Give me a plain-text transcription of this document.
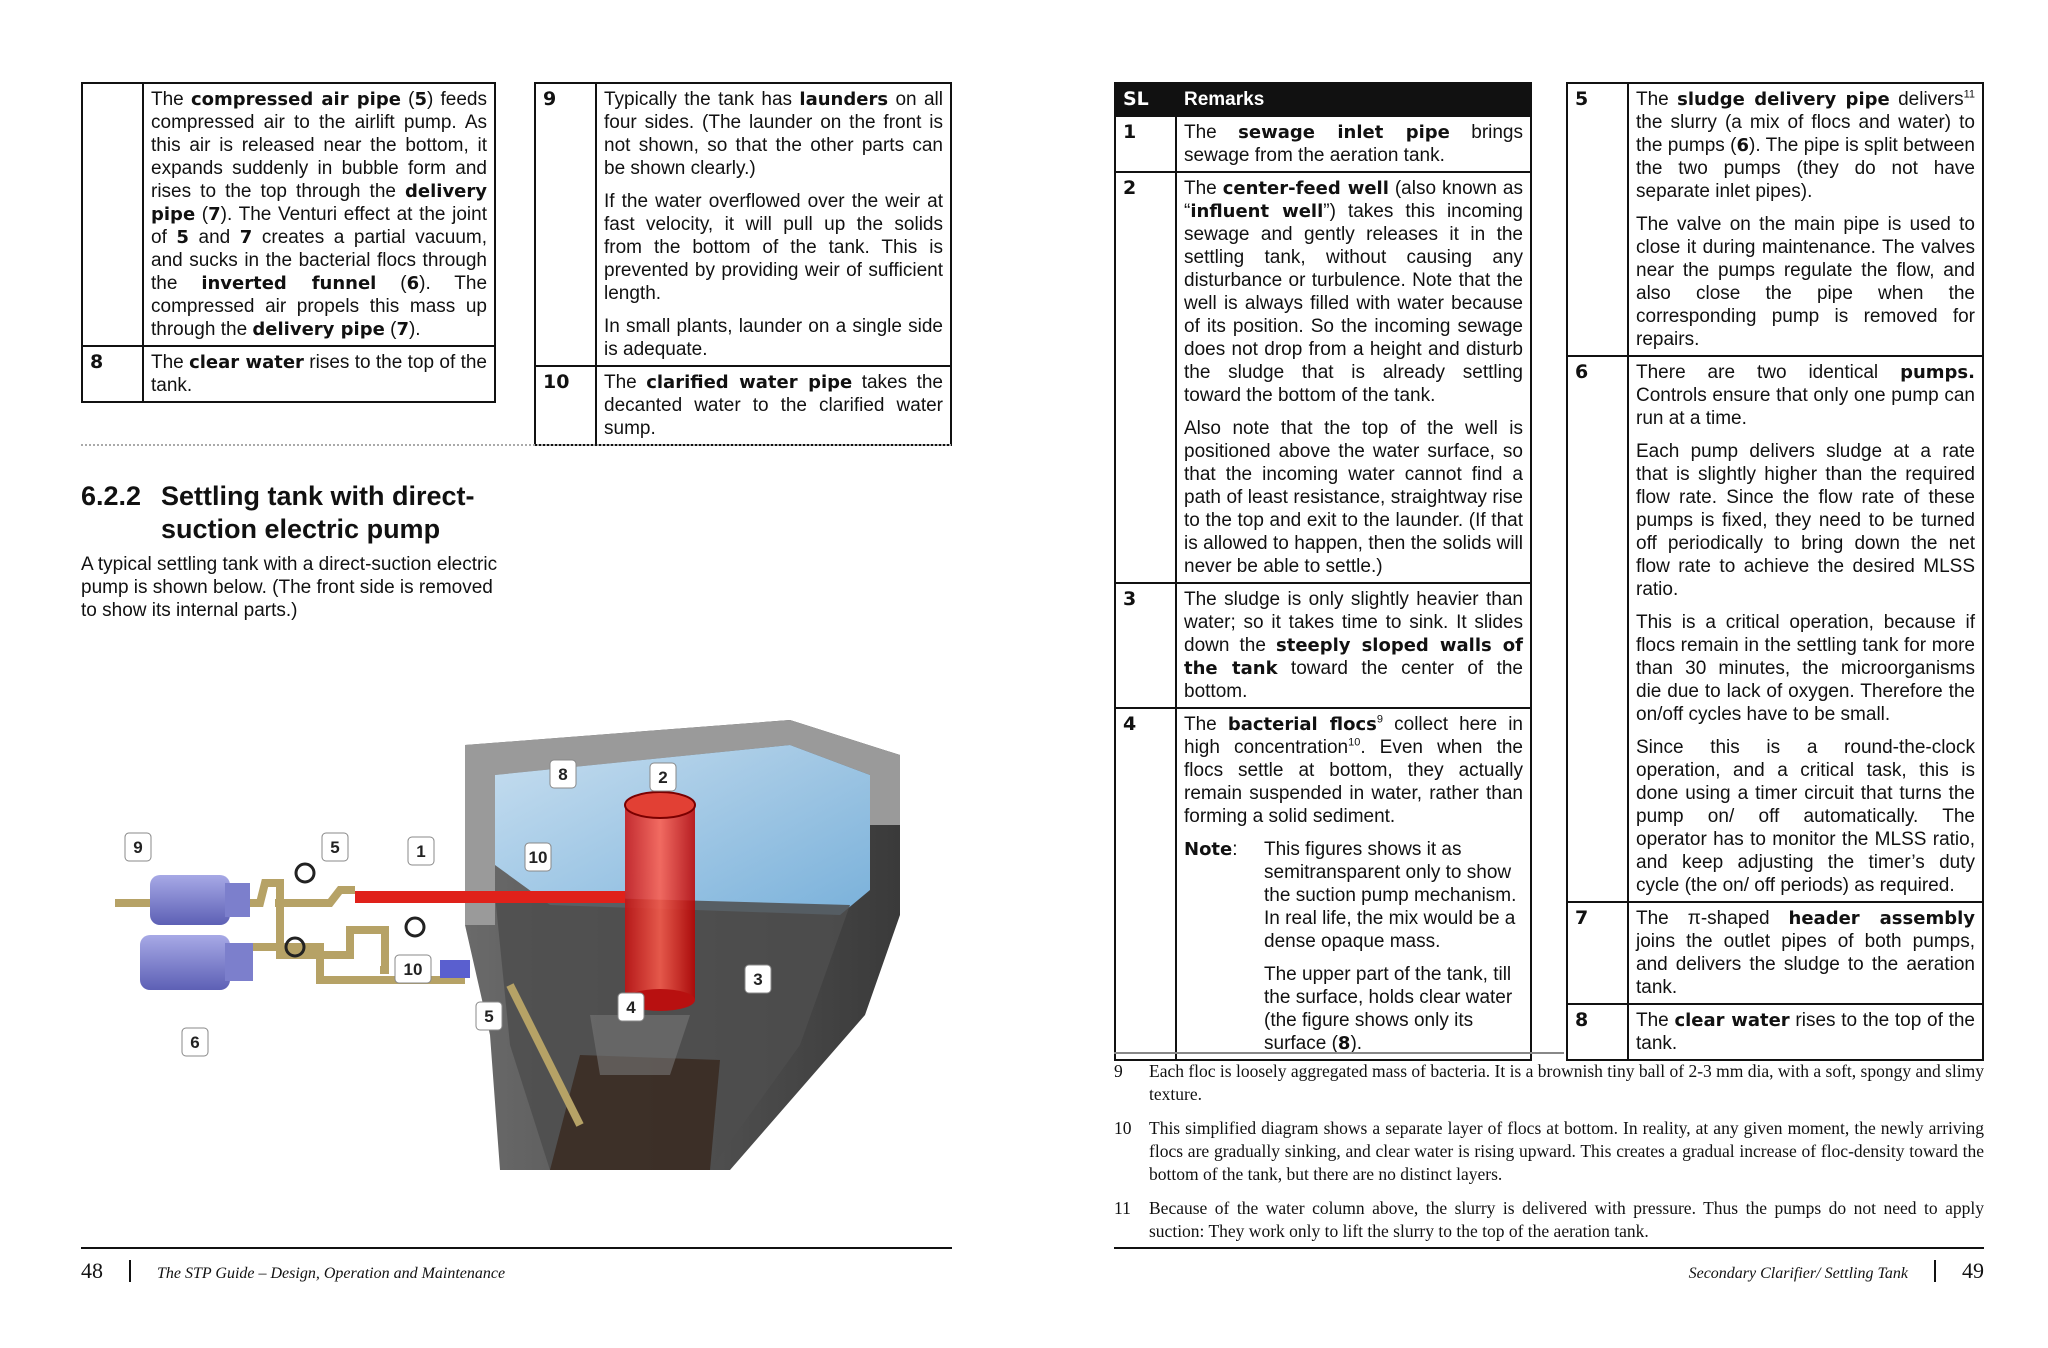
	The compressed air pipe (5) feeds compressed air to the airlift pump. As this air is released near the bottom, it expands suddenly in bubble form and rises to the top through the delivery pipe (7). The Venturi effect at the joint of 5 and 7 creates a partial vacuum, and sucks in the bacterial flocs through the inverted funnel (6). The compressed air propels this mass up through the delivery pipe (7).
8	The clear water rises to the top of the tank.
9	Typically the tank has launders on all four sides. (The launder on the front is not shown, so that the other parts can be shown clearly.)

If the water overflowed over the weir at fast velocity, it will pull up the solids from the bottom of the tank. This is prevented by providing weir of sufficient length.

In small plants, launder on a single side is adequate.

10	The clarified water pipe takes the decanted water to the clarified water sump.
6.2.2 Settling tank with direct-
suction electric pump
A typical settling tank with a direct-suction electric pump is shown below. (The front side is removed to show its internal parts.)
9	5	1
8	2
10
10
3
4
5
6
48	The STP Guide – Design, Operation and Maintenance
SL	Remarks
1	The sewage inlet pipe brings sewage from the aeration tank.
2	The center-feed well (also known as “influent well”) takes this incoming sewage and gently releases it in the settling tank, without causing any disturbance or turbulence. Note that the well is always filled with water because of its position. So the incoming sewage does not drop from a height and disturb the sludge that is already settling toward the bottom of the tank.

Also note that the top of the well is positioned above the water surface, so that the incoming water cannot find a path of least resistance, straightway rise to the top and exit to the launder. (If that is allowed to happen, then the solids will never be able to settle.)

3	The sludge is only slightly heavier than water; so it takes time to sink. It slides down the steeply sloped walls of the tank toward the center of the bottom.
4	The bacterial flocs$^9$ collect here in high concentration$^{10}$. Even when the flocs settle at bottom, they actually remain suspended in water, rather than forming a solid sediment.

Note: This figures shows it as semitransparent only to show the suction pump mechanism. In real life, the mix would be a dense opaque mass.

The upper part of the tank, till the surface, holds clear water (the figure shows only its surface (8).

5	The sludge delivery pipe delivers$^{11}$ the slurry (a mix of flocs and water) to the pumps (6). The pipe is split between the two pumps (they do not have separate inlet pipes).

The valve on the main pipe is used to close it during maintenance. The valves near the pumps regulate the flow, and also close the pipe when the corresponding pump is removed for repairs.

6	There are two identical pumps. Controls ensure that only one pump can run at a time.

Each pump delivers sludge at a rate that is slightly higher than the required flow rate. Since the flow rate of these pumps is fixed, they need to be turned off periodically to bring down the net flow rate to achieve the desired MLSS ratio.

This is a critical operation, because if flocs remain in the settling tank for more than 30 minutes, the microorganisms die due to lack of oxygen. Therefore the on/off cycles have to be small.

Since this is a round-the-clock operation, and a critical task, this is done using a timer circuit that turns the pump on/ off automatically. The operator has to monitor the MLSS ratio, and keep adjusting the timer’s duty cycle (the on/ off periods) as required.

7	The π-shaped header assembly joins the outlet pipes of both pumps, and delivers the sludge to the aeration tank.
8	The clear water rises to the top of the tank.
9 Each floc is loosely aggregated mass of bacteria. It is a brownish tiny ball of 2-3 mm dia, with a soft, spongy and slimy texture.
10 This simplified diagram shows a separate layer of flocs at bottom. In reality, at any given moment, the newly arriving flocs are gradually sinking, and clear water is rising upward. This creates a gradual increase of floc-density toward the bottom of the tank, but there are no distinct layers.
11 Because of the water column above, the slurry is delivered with pressure. Thus the pumps do not need to apply suction: They work only to lift the slurry to the top of the aeration tank.
Secondary Clarifier/ Settling Tank 49
